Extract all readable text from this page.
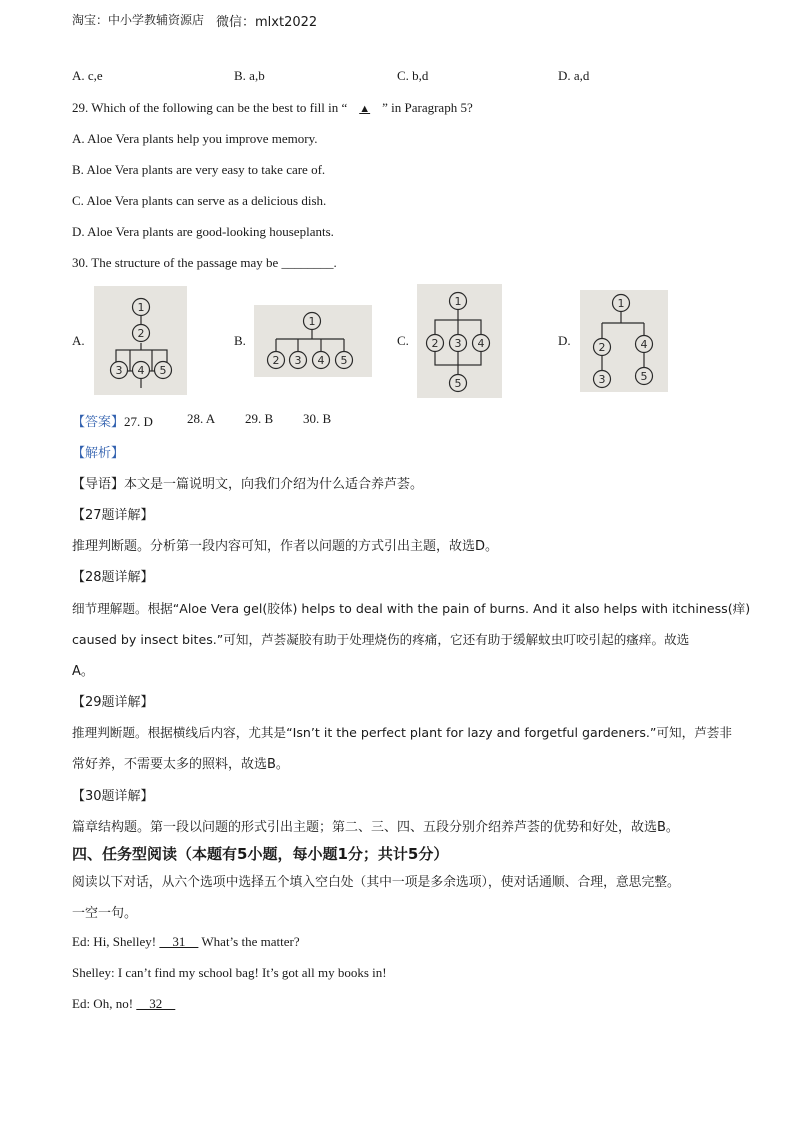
淘宝：中小学教辅资源店 微信：mlxt2022
A. c,e	B. a,b	C. b,d	D. a,d
29. Which of the following can be the best to fill in “ ▲ ” in Paragraph 5?
A. Aloe Vera plants help you improve memory.
B. Aloe Vera plants are very easy to take care of.
C. Aloe Vera plants can serve as a delicious dish.
D. Aloe Vera plants are good-looking houseplants.
30. The structure of the passage may be ________.
A.	B.	C.	D.
1
2
3 4 5
1
2 3 4 5
1
2 3 4
5
1
2	4
3	5
【答案】27. D	28. A 29. B 30. B
【解析】
【导语】本文是一篇说明文，向我们介绍为什么适合养芦荟。
【27题详解】
推理判断题。分析第一段内容可知，作者以问题的方式引出主题，故选D。
【28题详解】
细节理解题。根据“Aloe Vera gel(胶体) helps to deal with the pain of burns. And it also helps with itchiness(痒)
caused by insect bites.”可知，芦荟凝胶有助于处理烧伤的疼痛，它还有助于缓解蚊虫叮咬引起的瘙痒。故选
A。
【29题详解】
推理判断题。根据横线后内容，尤其是“Isn’t it the perfect plant for lazy and forgetful gardeners.”可知，芦荟非
常好养，不需要太多的照料，故选B。
【30题详解】
篇章结构题。第一段以问题的形式引出主题；第二、三、四、五段分别介绍养芦荟的优势和好处，故选B。
四、任务型阅读（本题有5小题，每小题1分；共计5分）
阅读以下对话，从六个选项中选择五个填入空白处（其中一项是多余选项），使对话通顺、合理，意思完整。
一空一句。
Ed: Hi, Shelley!     31     What’s the matter?
Shelley: I can’t find my school bag! It’s got all my books in!
Ed: Oh, no!     32
